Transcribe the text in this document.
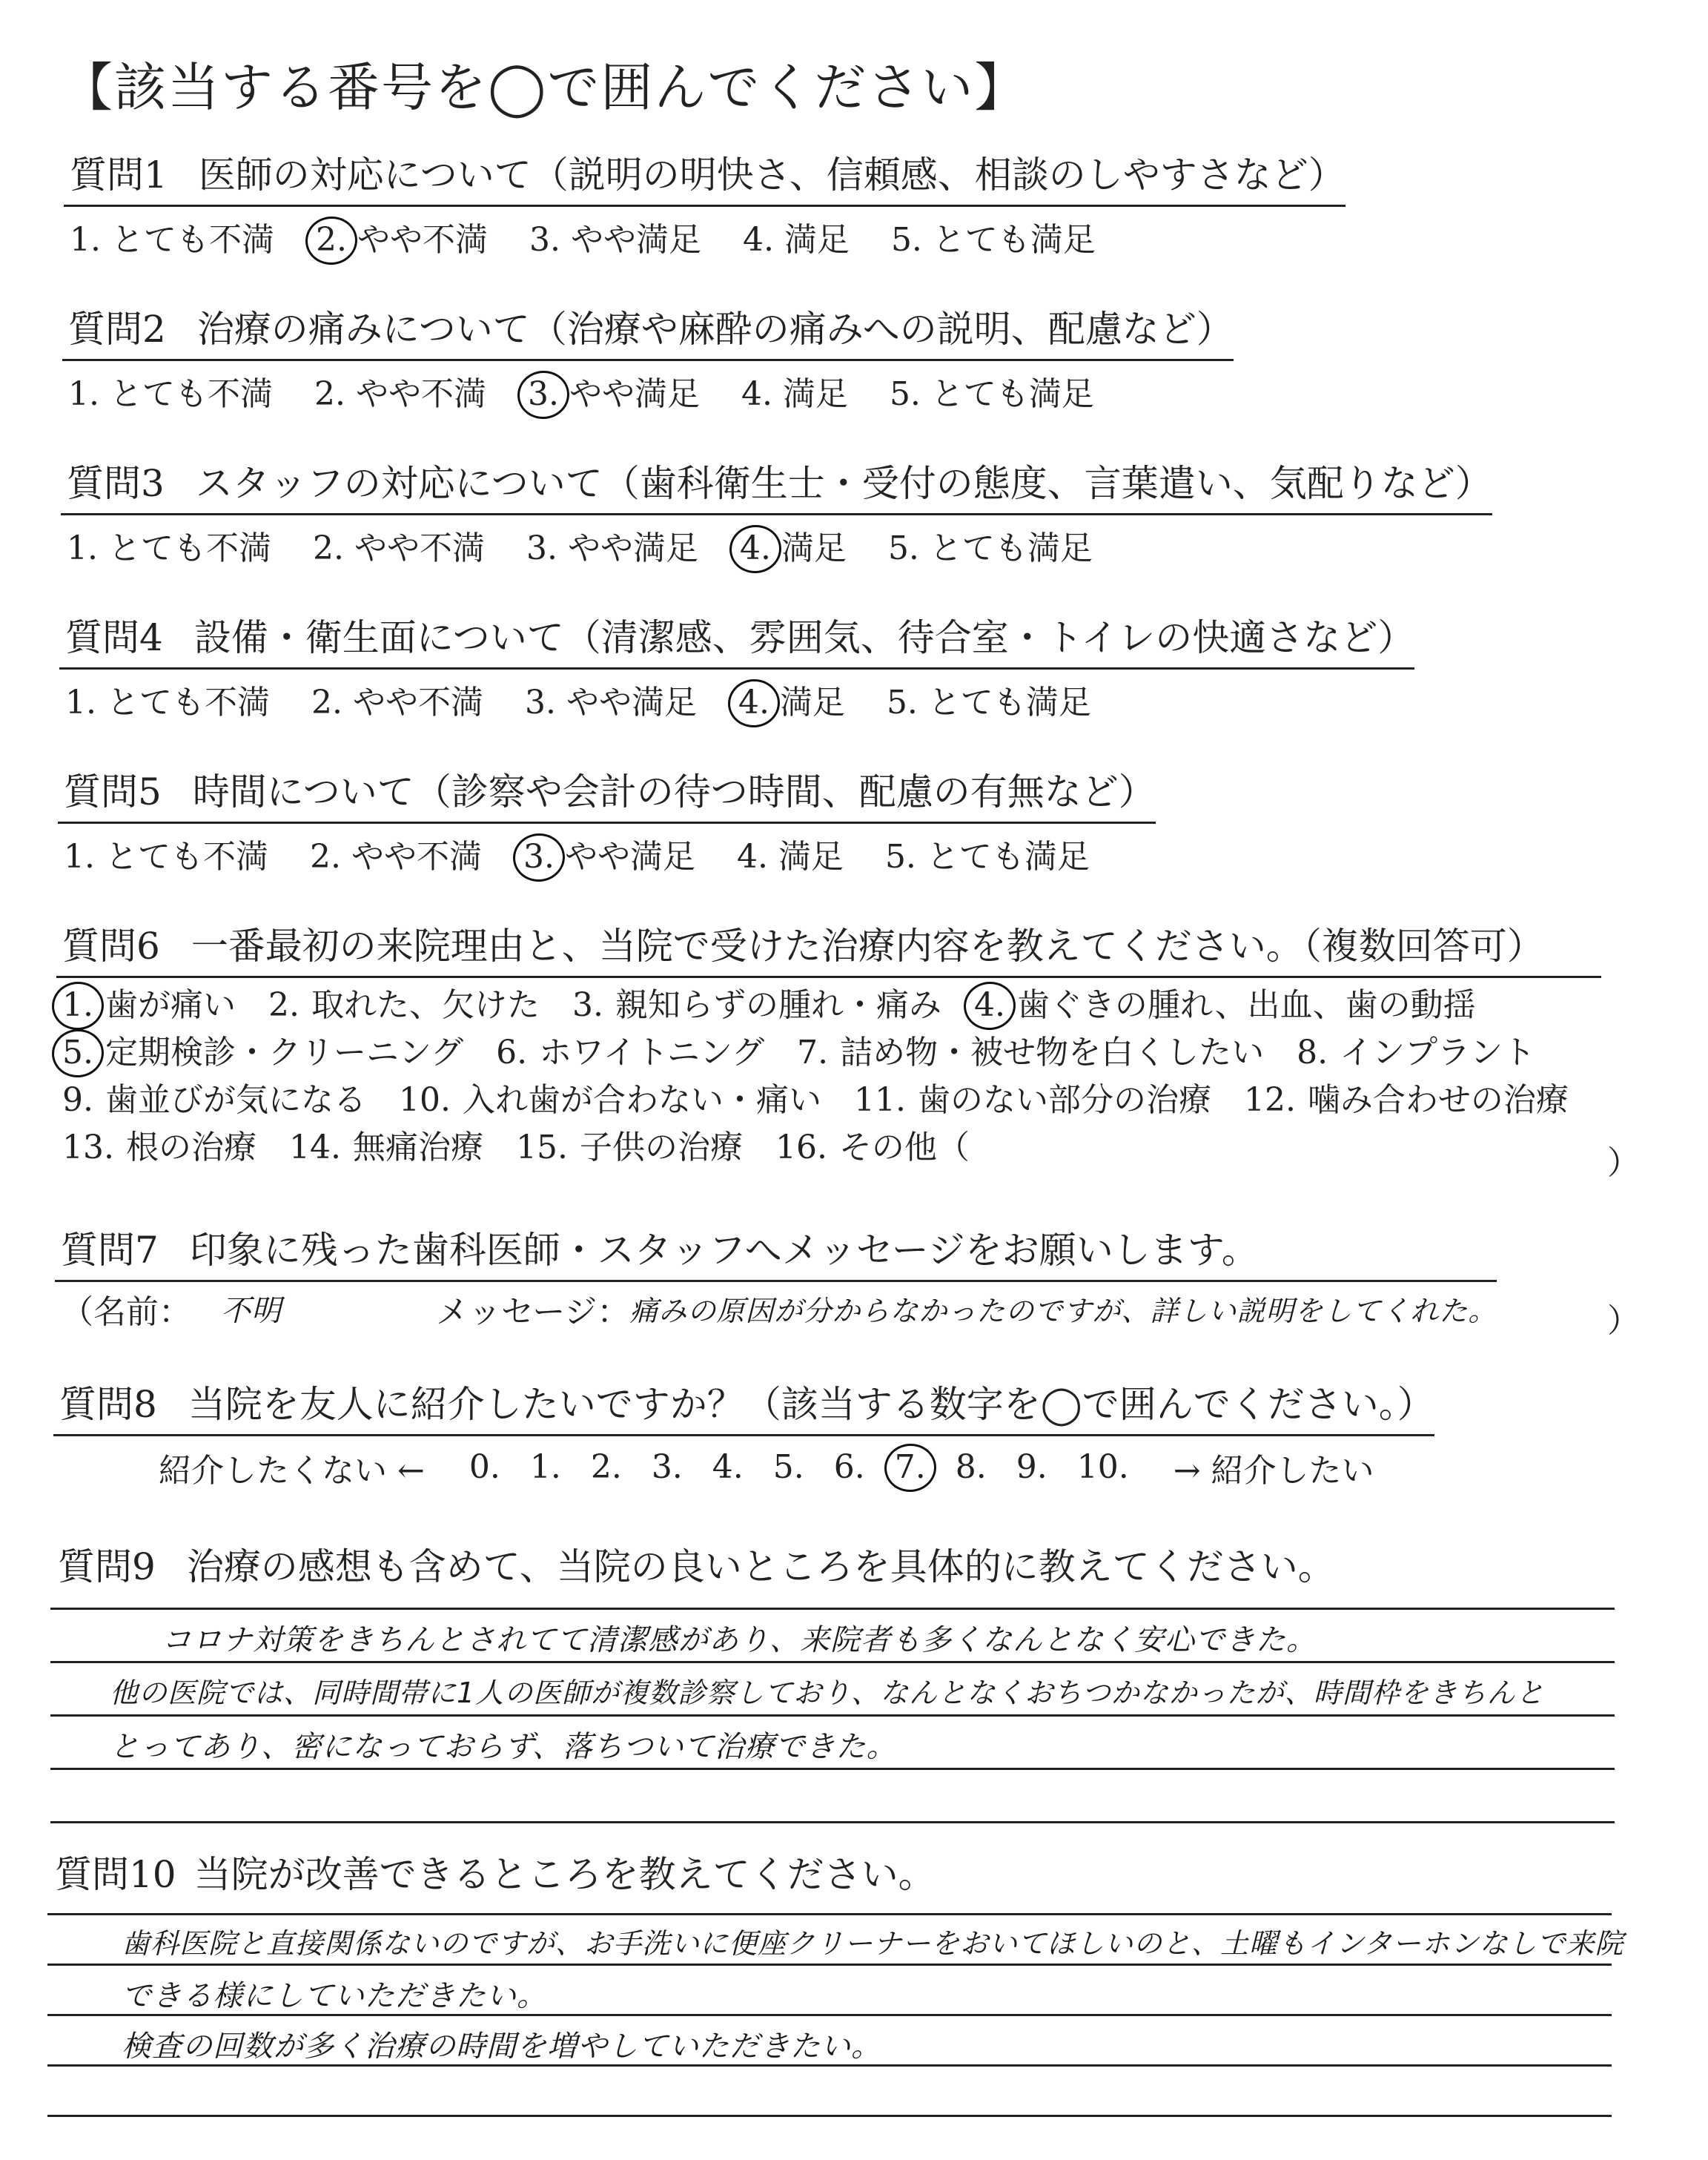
【該当する番号を◯で囲んでください】
質問1 医師の対応について（説明の明快さ、信頼感、相談のしやすさなど）
1. とても不満 2. やや不満 3. やや満足 4. 満足 5. とても満足
質問2 治療の痛みについて（治療や麻酔の痛みへの説明、配慮など）
1. とても不満 2. やや不満 3. やや満足 4. 満足 5. とても満足
質問3 スタッフの対応について（歯科衛生士・受付の態度、言葉遣い、気配りなど）
1. とても不満 2. やや不満 3. やや満足 4. 満足 5. とても満足
質問4 設備・衛生面について（清潔感、雰囲気、待合室・トイレの快適さなど）
1. とても不満 2. やや不満 3. やや満足 4. 満足 5. とても満足
質問5 時間について（診察や会計の待つ時間、配慮の有無など）
1. とても不満 2. やや不満 3. やや満足 4. 満足 5. とても満足
質問6 一番最初の来院理由と、当院で受けた治療内容を教えてください。（複数回答可）
1. 歯が痛い 2. 取れた、欠けた 3. 親知らずの腫れ・痛み 4. 歯ぐきの腫れ、出血、歯の動揺
5. 定期検診・クリーニング 6. ホワイトニング 7. 詰め物・被せ物を白くしたい 8. インプラント
9. 歯並びが気になる 10. 入れ歯が合わない・痛い 11. 歯のない部分の治療 12. 噛み合わせの治療
13. 根の治療 14. 無痛治療 15. 子供の治療 16. その他（	）
質問7 印象に残った歯科医師・スタッフへメッセージをお願いします。
（名前： 不明	メッセージ： 痛みの原因が分からなかったのですが、詳しい説明をしてくれた。	）
質問8 当院を友人に紹介したいですか？（該当する数字を◯で囲んでください。）
紹介したくない ← 0. 1. 2. 3. 4. 5. 6. 7. 8. 9. 10. → 紹介したい
質問9 治療の感想も含めて、当院の良いところを具体的に教えてください。
コロナ対策をきちんとされてて清潔感があり、来院者も多くなんとなく安心できた。
他の医院では、同時間帯に1人の医師が複数診察しており、なんとなくおちつかなかったが、時間枠をきちんと
とってあり、密になっておらず、落ちついて治療できた。
質問10 当院が改善できるところを教えてください。
歯科医院と直接関係ないのですが、お手洗いに便座クリーナーをおいてほしいのと、土曜もインターホンなしで来院
できる様にしていただきたい。
検査の回数が多く治療の時間を増やしていただきたい。
